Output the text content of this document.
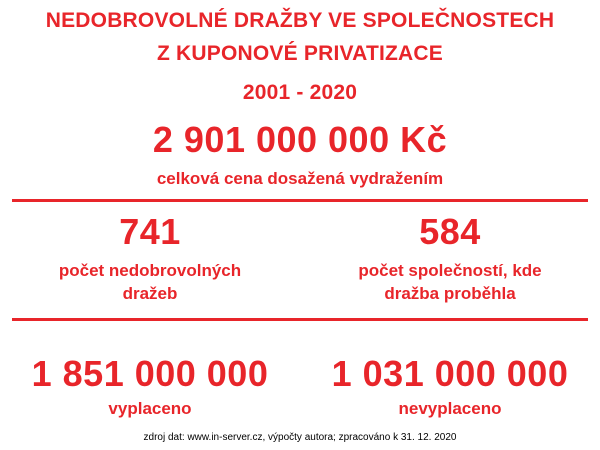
NEDOBROVOLNÉ DRAŽBY VE SPOLEČNOSTECH
Z KUPONOVÉ PRIVATIZACE
2001 - 2020
2 901 000 000 Kč
celková cena dosažená vydražením
741
počet nedobrovolných
dražeb
584
počet společností, kde
dražba proběhla
1 851 000 000
vyplaceno
1 031 000 000
nevyplaceno
zdroj dat: www.in-server.cz, výpočty autora; zpracováno k 31. 12. 2020
